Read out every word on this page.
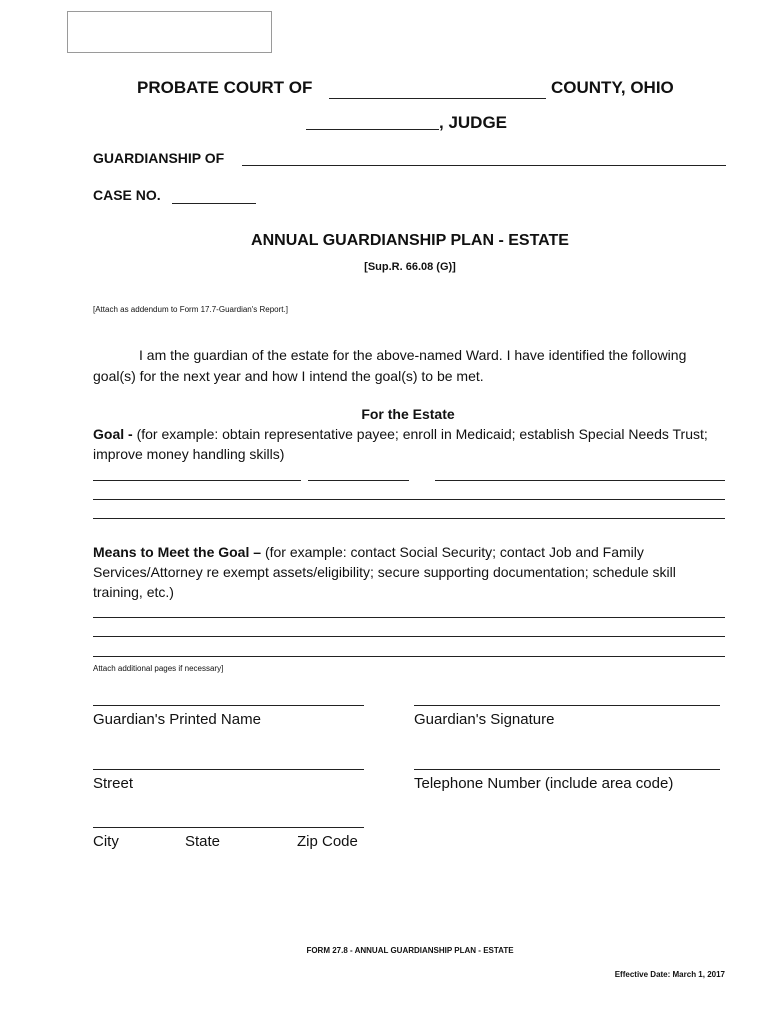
PROBATE COURT OF	COUNTY, OHIO
, JUDGE
GUARDIANSHIP OF
CASE NO.
ANNUAL GUARDIANSHIP PLAN - ESTATE
[Sup.R. 66.08 (G)]
[Attach as addendum to Form 17.7-Guardian's Report.]
I am the guardian of the estate for the above-named Ward. I have identified the following
goal(s) for the next year and how I intend the goal(s) to be met.
For the Estate
Goal - (for example: obtain representative payee; enroll in Medicaid; establish Special Needs Trust;
improve money handling skills)
Means to Meet the Goal – (for example: contact Social Security; contact Job and Family
Services/Attorney re exempt assets/eligibility; secure supporting documentation; schedule skill
training, etc.)
Attach additional pages if necessary]
Guardian's Printed Name	Guardian's Signature
Street	Telephone Number (include area code)
City	State	Zip Code
FORM 27.8 - ANNUAL GUARDIANSHIP PLAN - ESTATE
Effective Date: March 1, 2017
